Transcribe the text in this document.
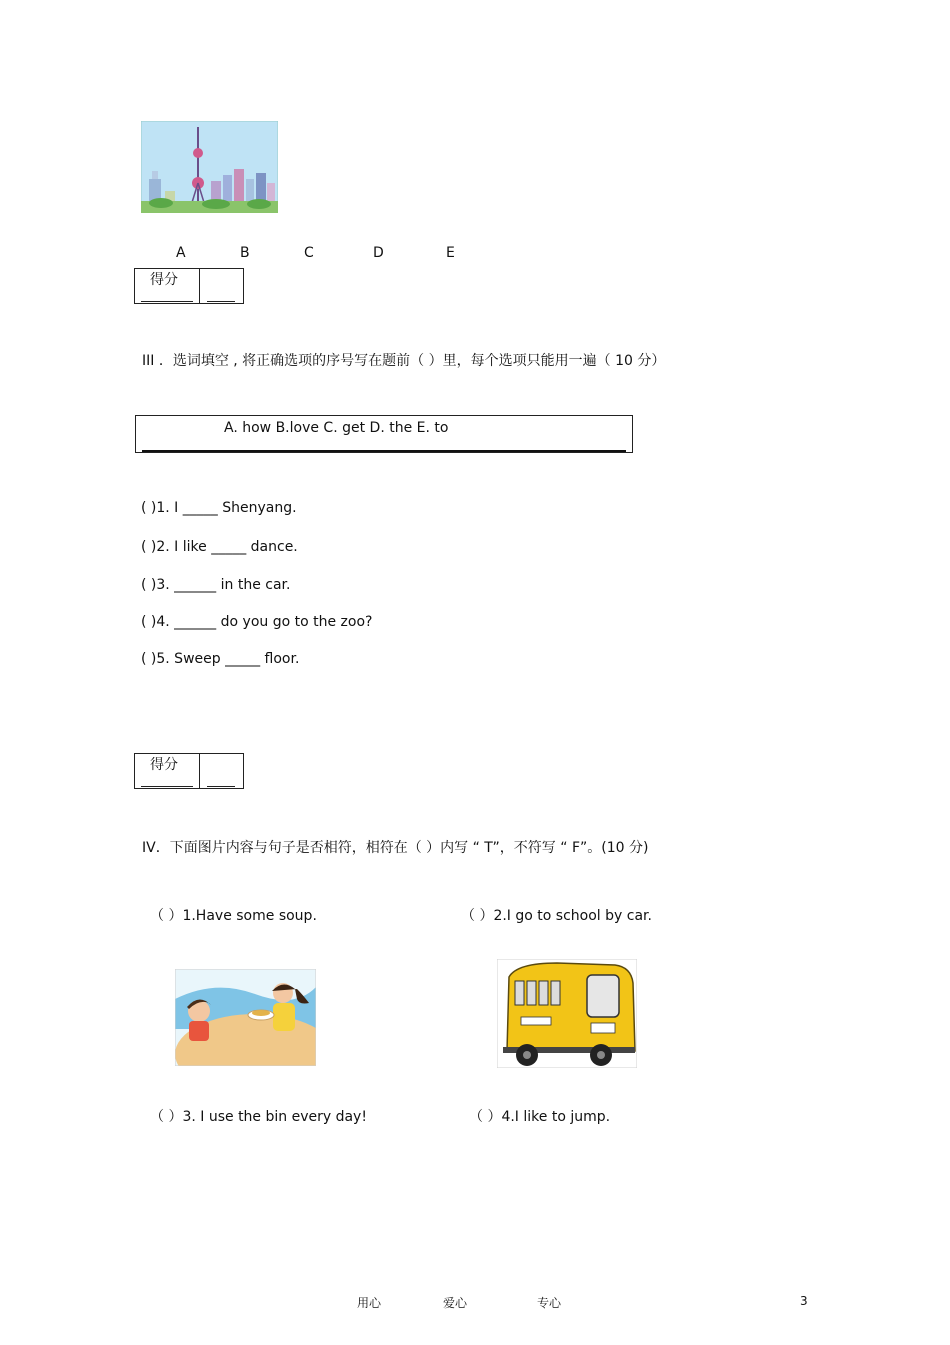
A	B	C	D	E
得分
III ．选词填空 , 将正确选项的序号写在题前（ ）里，每个选项只能用一遍（ 10 分）
A. how B.love C. get D. the E. to
( )1. I _____ Shenyang.
( )2. I like _____ dance.
( )3. ______ in the car.
( )4. ______ do you go to the zoo?
( )5. Sweep _____ floor.
得分
IV．下面图片内容与句子是否相符，相符在（ ）内写 “ T”，不符写 “ F”。(10 分)
（ ）1.Have some soup.	（ ）2.I go to school by car.
（ ）3. I use the bin every day!	（ ）4.I like to jump.
用心	爱心	专心	3
